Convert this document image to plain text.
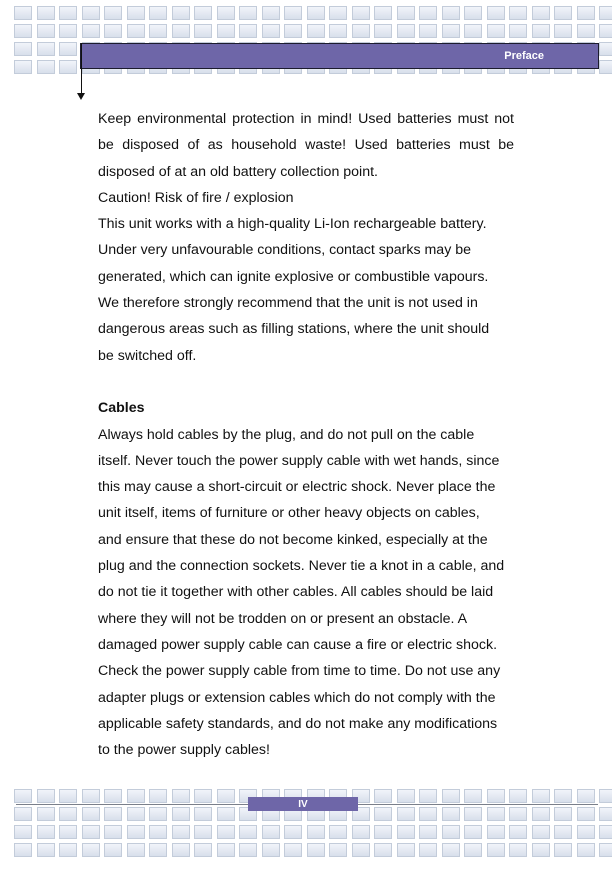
Preface

Keep environmental protection in mind! Used batteries must not be disposed of as household waste! Used batteries must be disposed of at an old battery collection point.

Caution! Risk of fire / explosion

This unit works with a high-quality Li-Ion rechargeable battery.

Under very unfavourable conditions, contact sparks may be

generated, which can ignite explosive or combustible vapours.

We therefore strongly recommend that the unit is not used in

dangerous areas such as filling stations, where the unit should

be switched off.

Cables

Always hold cables by the plug, and do not pull on the cable

itself. Never touch the power supply cable with wet hands, since

this may cause a short-circuit or electric shock. Never place the

unit itself, items of furniture or other heavy objects on cables,

and ensure that these do not become kinked, especially at the

plug and the connection sockets. Never tie a knot in a cable, and

do not tie it together with other cables. All cables should be laid

where they will not be trodden on or present an obstacle. A

damaged power supply cable can cause a fire or electric shock.

Check the power supply cable from time to time. Do not use any

adapter plugs or extension cables which do not comply with the

applicable safety standards, and do not make any modifications

to the power supply cables!

IV
